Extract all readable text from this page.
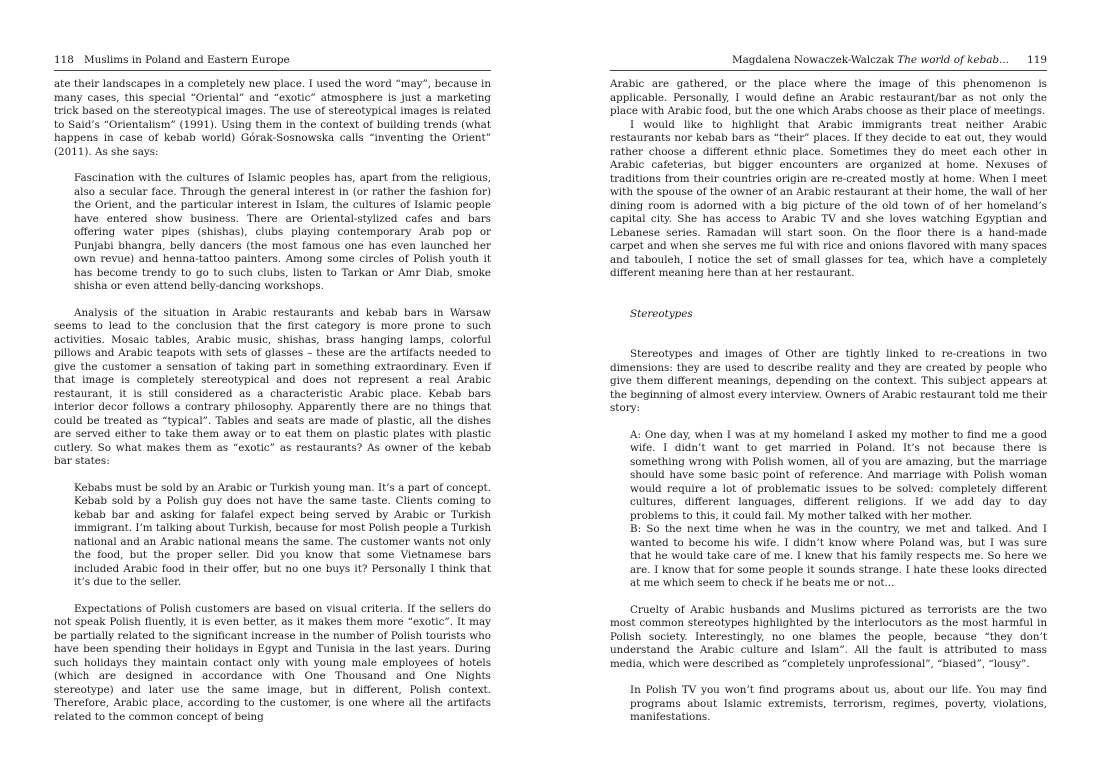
118 Muslims in Poland and Eastern Europe

ate their landscapes in a completely new place. I used the word “may”, because in many cases, this special “Oriental” and “exotic” atmosphere is just a marketing trick based on the stereotypical images. The use of stereotypical images is related to Said’s “Orientalism” (1991). Using them in the context of building trends (what happens in case of kebab world) Górak-Sosnowska calls “inventing the Orient” (2011). As she says:

Fascination with the cultures of Islamic peoples has, apart from the religious, also a secular face. Through the general interest in (or rather the fashion for) the Orient, and the particular interest in Islam, the cultures of Islamic people have entered show business. There are Oriental-stylized cafes and bars offering water pipes (shishas), clubs playing contemporary Arab pop or Punjabi bhangra, belly dancers (the most famous one has even launched her own revue) and henna-tattoo painters. Among some circles of Polish youth it has become trendy to go to such clubs, listen to Tarkan or Amr Diab, smoke shisha or even attend belly-dancing workshops.

Analysis of the situation in Arabic restaurants and kebab bars in Warsaw seems to lead to the conclusion that the first category is more prone to such activities. Mosaic tables, Arabic music, shishas, brass hanging lamps, colorful pillows and Arabic teapots with sets of glasses – these are the artifacts needed to give the customer a sensation of taking part in something extraordinary. Even if that image is completely stereotypical and does not represent a real Arabic restaurant, it is still considered as a characteristic Arabic place. Kebab bars interior decor follows a contrary philosophy. Apparently there are no things that could be treated as “typical”. Tables and seats are made of plastic, all the dishes are served either to take them away or to eat them on plastic plates with plastic cutlery. So what makes them as “exotic” as restaurants? As owner of the kebab bar states:

Kebabs must be sold by an Arabic or Turkish young man. It’s a part of concept. Kebab sold by a Polish guy does not have the same taste. Clients coming to kebab bar and asking for falafel expect being served by Arabic or Turkish immigrant. I’m talking about Turkish, because for most Polish people a Turkish national and an Arabic national means the same. The customer wants not only the food, but the proper seller. Did you know that some Vietnamese bars included Arabic food in their offer, but no one buys it? Personally I think that it’s due to the seller.

Expectations of Polish customers are based on visual criteria. If the sellers do not speak Polish fluently, it is even better, as it makes them more “exotic”. It may be partially related to the significant increase in the number of Polish tourists who have been spending their holidays in Egypt and Tunisia in the last years. During such holidays they maintain contact only with young male employees of hotels (which are designed in accordance with One Thousand and One Nights stereotype) and later use the same image, but in different, Polish context. Therefore, Arabic place, according to the customer, is one where all the artifacts related to the common concept of being

Magdalena Nowaczek-Walczak The world of kebab... 119

Arabic are gathered, or the place where the image of this phenomenon is applicable. Personally, I would define an Arabic restaurant/bar as not only the place with Arabic food, but the one which Arabs choose as their place of meetings.

I would like to highlight that Arabic immigrants treat neither Arabic restaurants nor kebab bars as “their” places. If they decide to eat out, they would rather choose a different ethnic place. Sometimes they do meet each other in Arabic cafeterias, but bigger encounters are organized at home. Nexuses of traditions from their countries origin are re-created mostly at home. When I meet with the spouse of the owner of an Arabic restaurant at their home, the wall of her dining room is adorned with a big picture of the old town of of her homeland’s capital city. She has access to Arabic TV and she loves watching Egyptian and Lebanese series. Ramadan will start soon. On the floor there is a hand-made carpet and when she serves me ful with rice and onions flavored with many spaces and tabouleh, I notice the set of small glasses for tea, which have a completely different meaning here than at her restaurant.

Stereotypes

Stereotypes and images of Other are tightly linked to re-creations in two dimensions: they are used to describe reality and they are created by people who give them different meanings, depending on the context. This subject appears at the beginning of almost every interview. Owners of Arabic restaurant told me their story:

A: One day, when I was at my homeland I asked my mother to find me a good wife. I didn’t want to get married in Poland. It’s not because there is something wrong with Polish women, all of you are amazing, but the marriage should have some basic point of reference. And marriage with Polish woman would require a lot of problematic issues to be solved: completely different cultures, different languages, different religions. If we add day to day problems to this, it could fail. My mother talked with her mother.

B: So the next time when he was in the country, we met and talked. And I wanted to become his wife. I didn’t know where Poland was, but I was sure that he would take care of me. I knew that his family respects me. So here we are. I know that for some people it sounds strange. I hate these looks directed at me which seem to check if he beats me or not...

Cruelty of Arabic husbands and Muslims pictured as terrorists are the two most common stereotypes highlighted by the interlocutors as the most harmful in Polish society. Interestingly, no one blames the people, because “they don’t understand the Arabic culture and Islam”. All the fault is attributed to mass media, which were described as “completely unprofessional”, “biased”, “lousy”.

In Polish TV you won’t find programs about us, about our life. You may find programs about Islamic extremists, terrorism, regimes, poverty, violations, manifestations.
